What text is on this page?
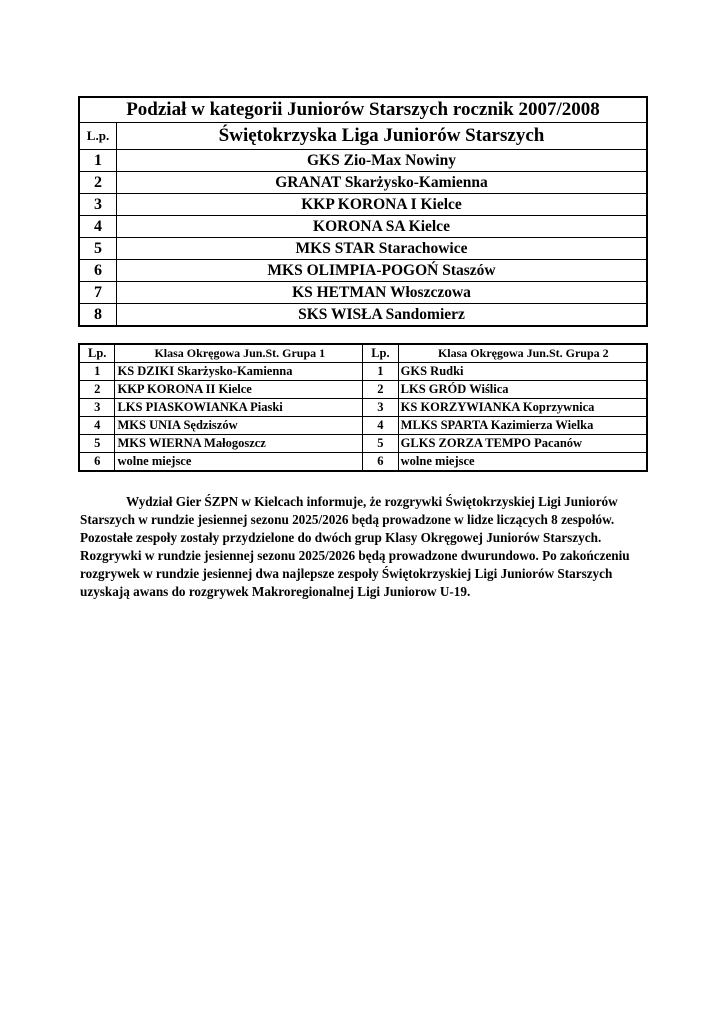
Podział w kategorii Juniorów Starszych rocznik 2007/2008	
L.p.	Świętokrzyska Liga Juniorów Starszych
1	GKS Zio-Max Nowiny
2	GRANAT Skarżysko-Kamienna
3	KKP KORONA I Kielce
4	KORONA SA Kielce
5	MKS STAR Starachowice
6	MKS OLIMPIA-POGOŃ Staszów
7	KS HETMAN Włoszczowa
8	SKS WISŁA Sandomierz
Lp.	Klasa Okręgowa Jun.St. Grupa 1	Lp.	Klasa Okręgowa Jun.St. Grupa 2
1	KS DZIKI Skarżysko-Kamienna	1	GKS Rudki
2	KKP KORONA II Kielce	2	LKS GRÓD Wiślica
3	LKS PIASKOWIANKA Piaski	3	KS KORZYWIANKA Koprzywnica
4	MKS UNIA Sędziszów	4	MLKS SPARTA Kazimierza Wielka
5	MKS WIERNA Małogoszcz	5	GLKS ZORZA TEMPO Pacanów
6	wolne miejsce	6	wolne miejsce

Wydział Gier ŚZPN w Kielcach informuje, że rozgrywki Świętokrzyskiej Ligi Juniorów Starszych w rundzie jesiennej sezonu 2025/2026 będą prowadzone w lidze liczących 8 zespołów. Pozostałe zespoły zostały przydzielone do dwóch grup Klasy Okręgowej Juniorów Starszych. Rozgrywki w rundzie jesiennej sezonu 2025/2026 będą prowadzone dwurundowo. Po zakończeniu rozgrywek w rundzie jesiennej dwa najlepsze zespoły Świętokrzyskiej Ligi Juniorów Starszych uzyskają awans do rozgrywek Makroregionalnej Ligi Juniorow U-19.
